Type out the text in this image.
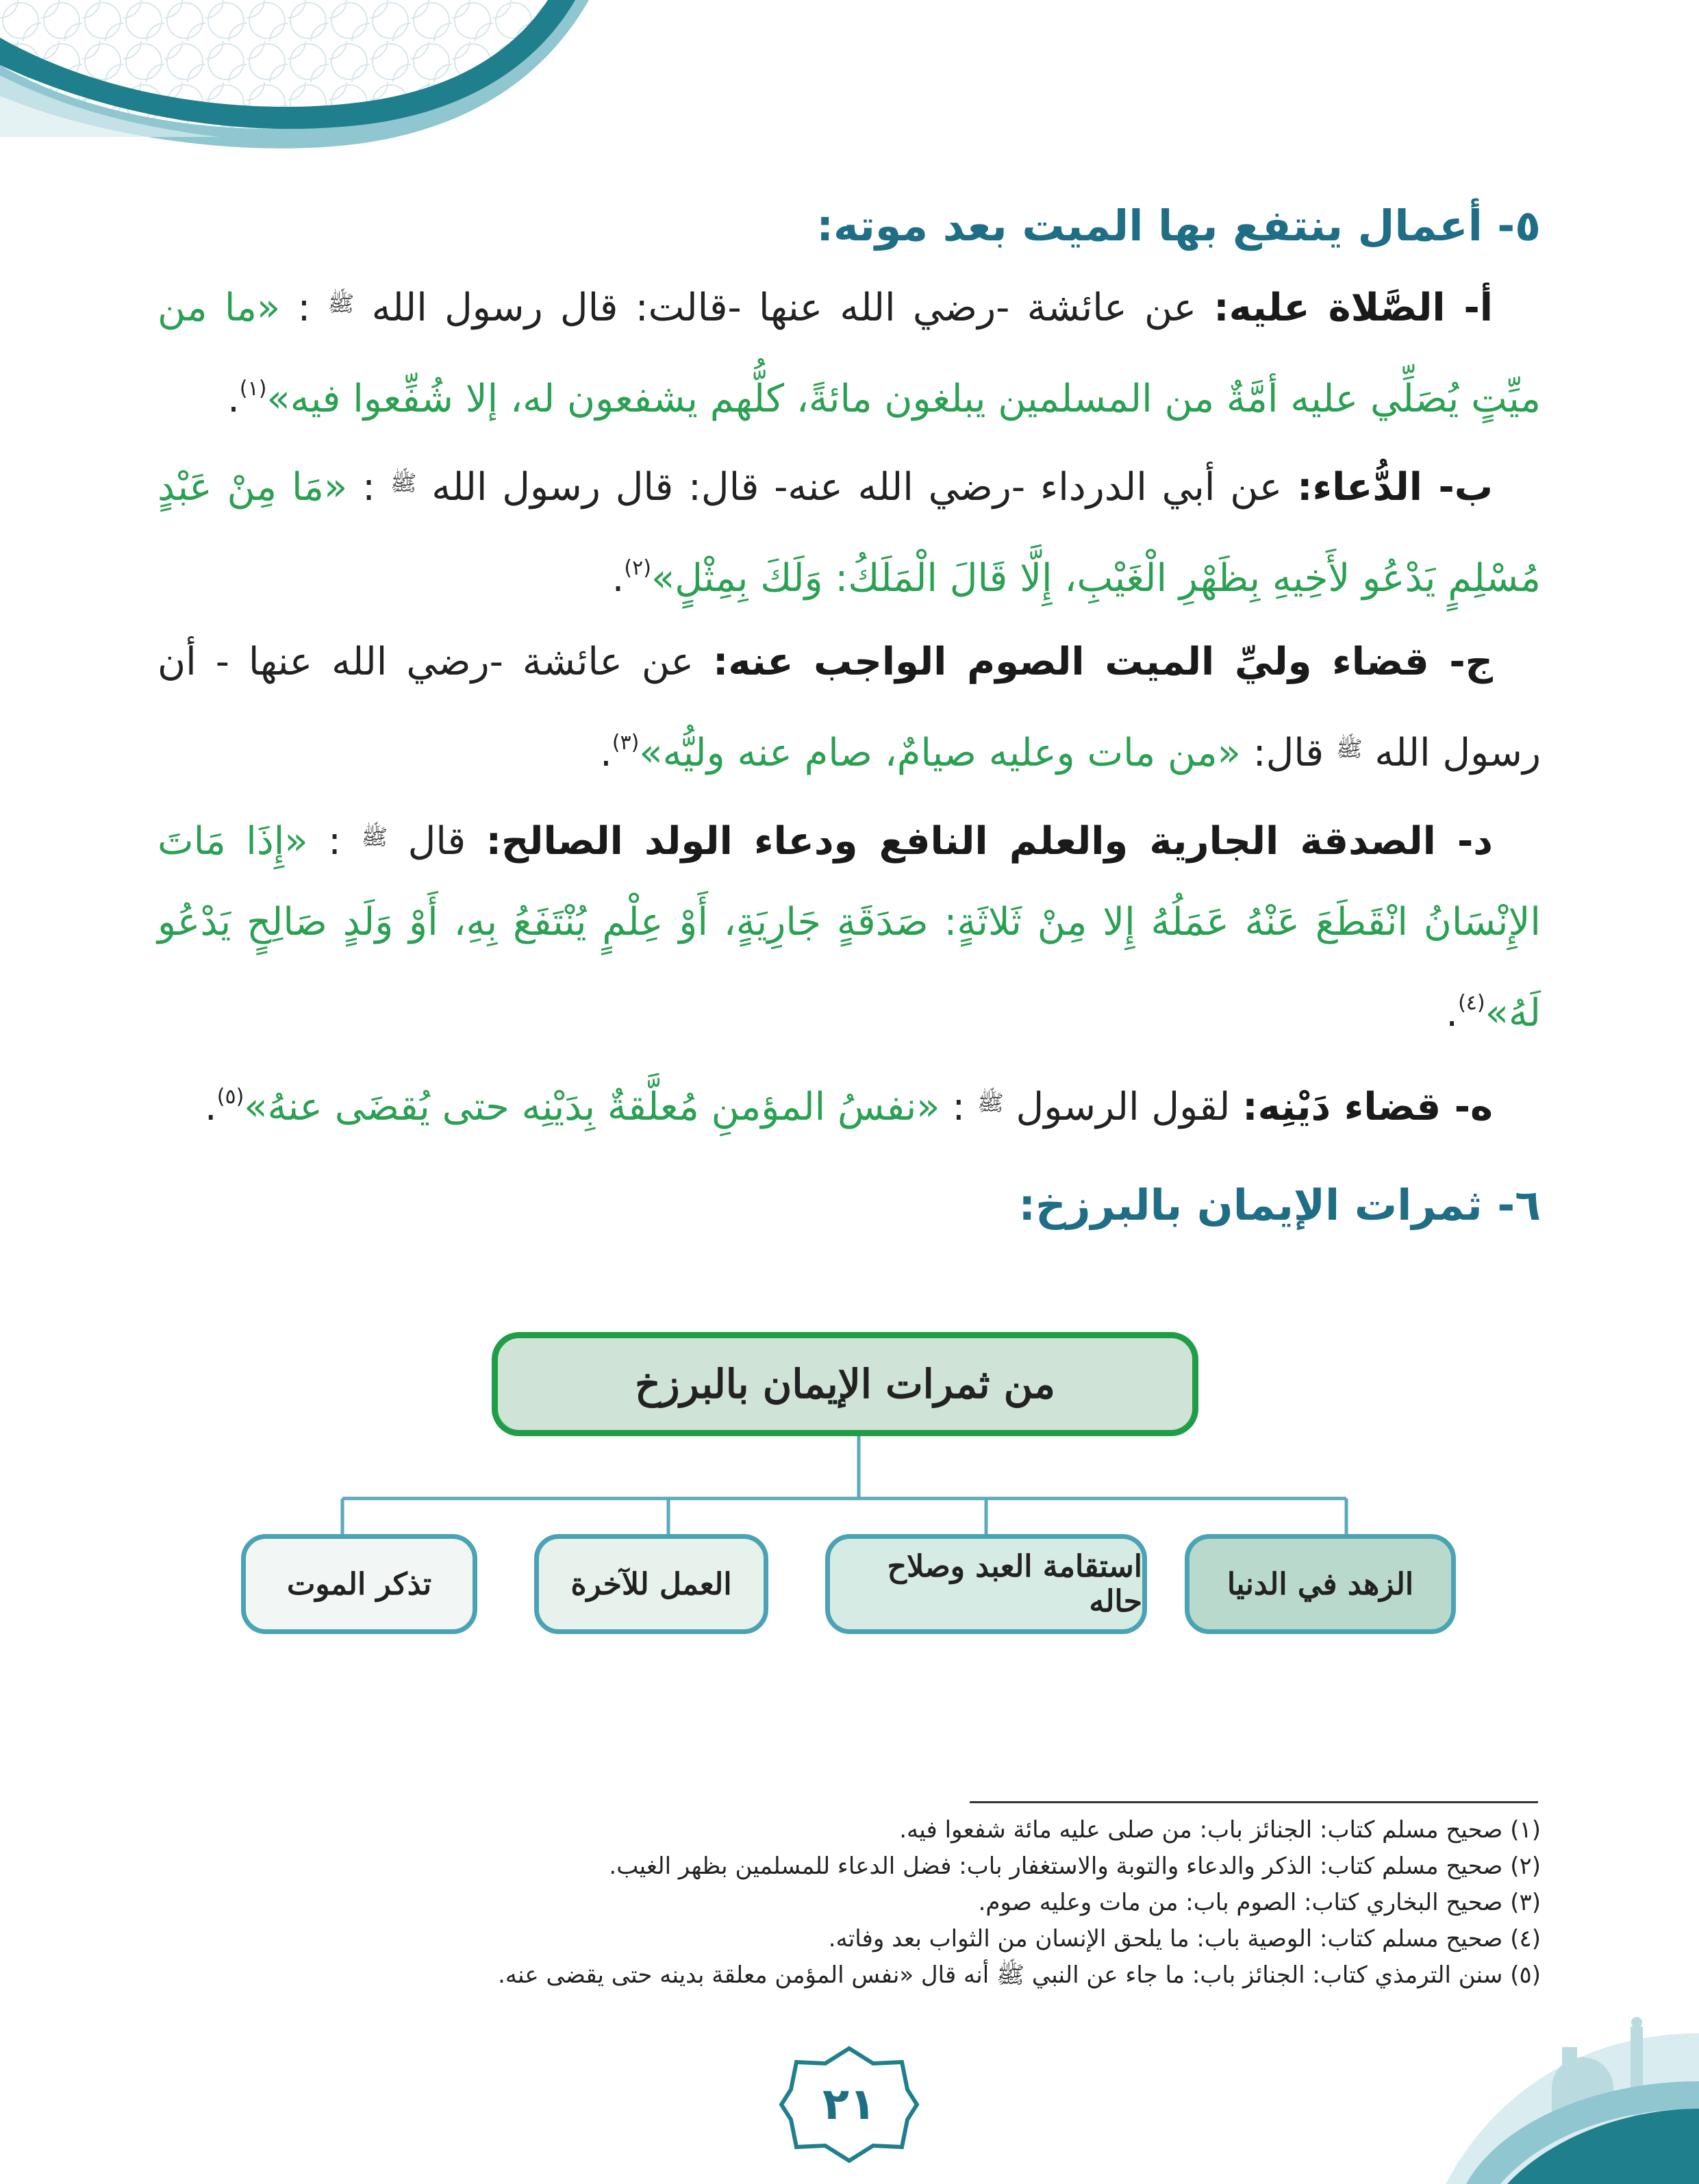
٥- أعمال ينتفع بها الميت بعد موته:

أ- الصَّلاة عليه: عن عائشة -رضي الله عنها -قالت: قال رسول الله $^ﷺ$ : «ما من ميِّتٍ يُصَلِّي عليه أمَّةٌ من المسلمين يبلغون مائةً، كلُّهم يشفعون له، إلا شُفِّعوا فيه»$^{(١)}$.

ب- الدُّعاء: عن أبي الدرداء -رضي الله عنه- قال: قال رسول الله $^ﷺ$ : «مَا مِنْ عَبْدٍ مُسْلِمٍ يَدْعُو لأَخِيهِ بِظَهْرِ الْغَيْبِ، إِلَّا قَالَ الْمَلَكُ: وَلَكَ بِمِثْلٍ»$^{(٢)}$.

ج- قضاء وليِّ الميت الصوم الواجب عنه: عن عائشة -رضي الله عنها - أن رسول الله $^ﷺ$ قال: «من مات وعليه صيامٌ، صام عنه وليُّه»$^{(٣)}$.

د- الصدقة الجارية والعلم النافع ودعاء الولد الصالح: قال $^ﷺ$ : «إِذَا مَاتَ الإِنْسَانُ انْقَطَعَ عَنْهُ عَمَلُهُ إِلا مِنْ ثَلاثَةٍ: صَدَقَةٍ جَارِيَةٍ، أَوْ عِلْمٍ يُنْتَفَعُ بِهِ، أَوْ وَلَدٍ صَالِحٍ يَدْعُو لَهُ»$^{(٤)}$.

ه- قضاء دَيْنِه: لقول الرسول $^ﷺ$ : «نفسُ المؤمنِ مُعلَّقةٌ بِدَيْنِه حتى يُقضَى عنهُ»$^{(٥)}$.

٦- ثمرات الإيمان بالبرزخ:
من ثمرات الإيمان بالبرزخ
الزهد في الدنيا
استقامة العبد وصلاح حاله
العمل للآخرة
تذكر الموت
(١) صحيح مسلم كتاب: الجنائز باب: من صلى عليه مائة شفعوا فيه.
(٢) صحيح مسلم كتاب: الذكر والدعاء والتوبة والاستغفار باب: فضل الدعاء للمسلمين بظهر الغيب.
(٣) صحيح البخاري كتاب: الصوم باب: من مات وعليه صوم.
(٤) صحيح مسلم كتاب: الوصية باب: ما يلحق الإنسان من الثواب بعد وفاته.
(٥) سنن الترمذي كتاب: الجنائز باب: ما جاء عن النبي ﷺ أنه قال «نفس المؤمن معلقة بدينه حتى يقضى عنه.
٢١
